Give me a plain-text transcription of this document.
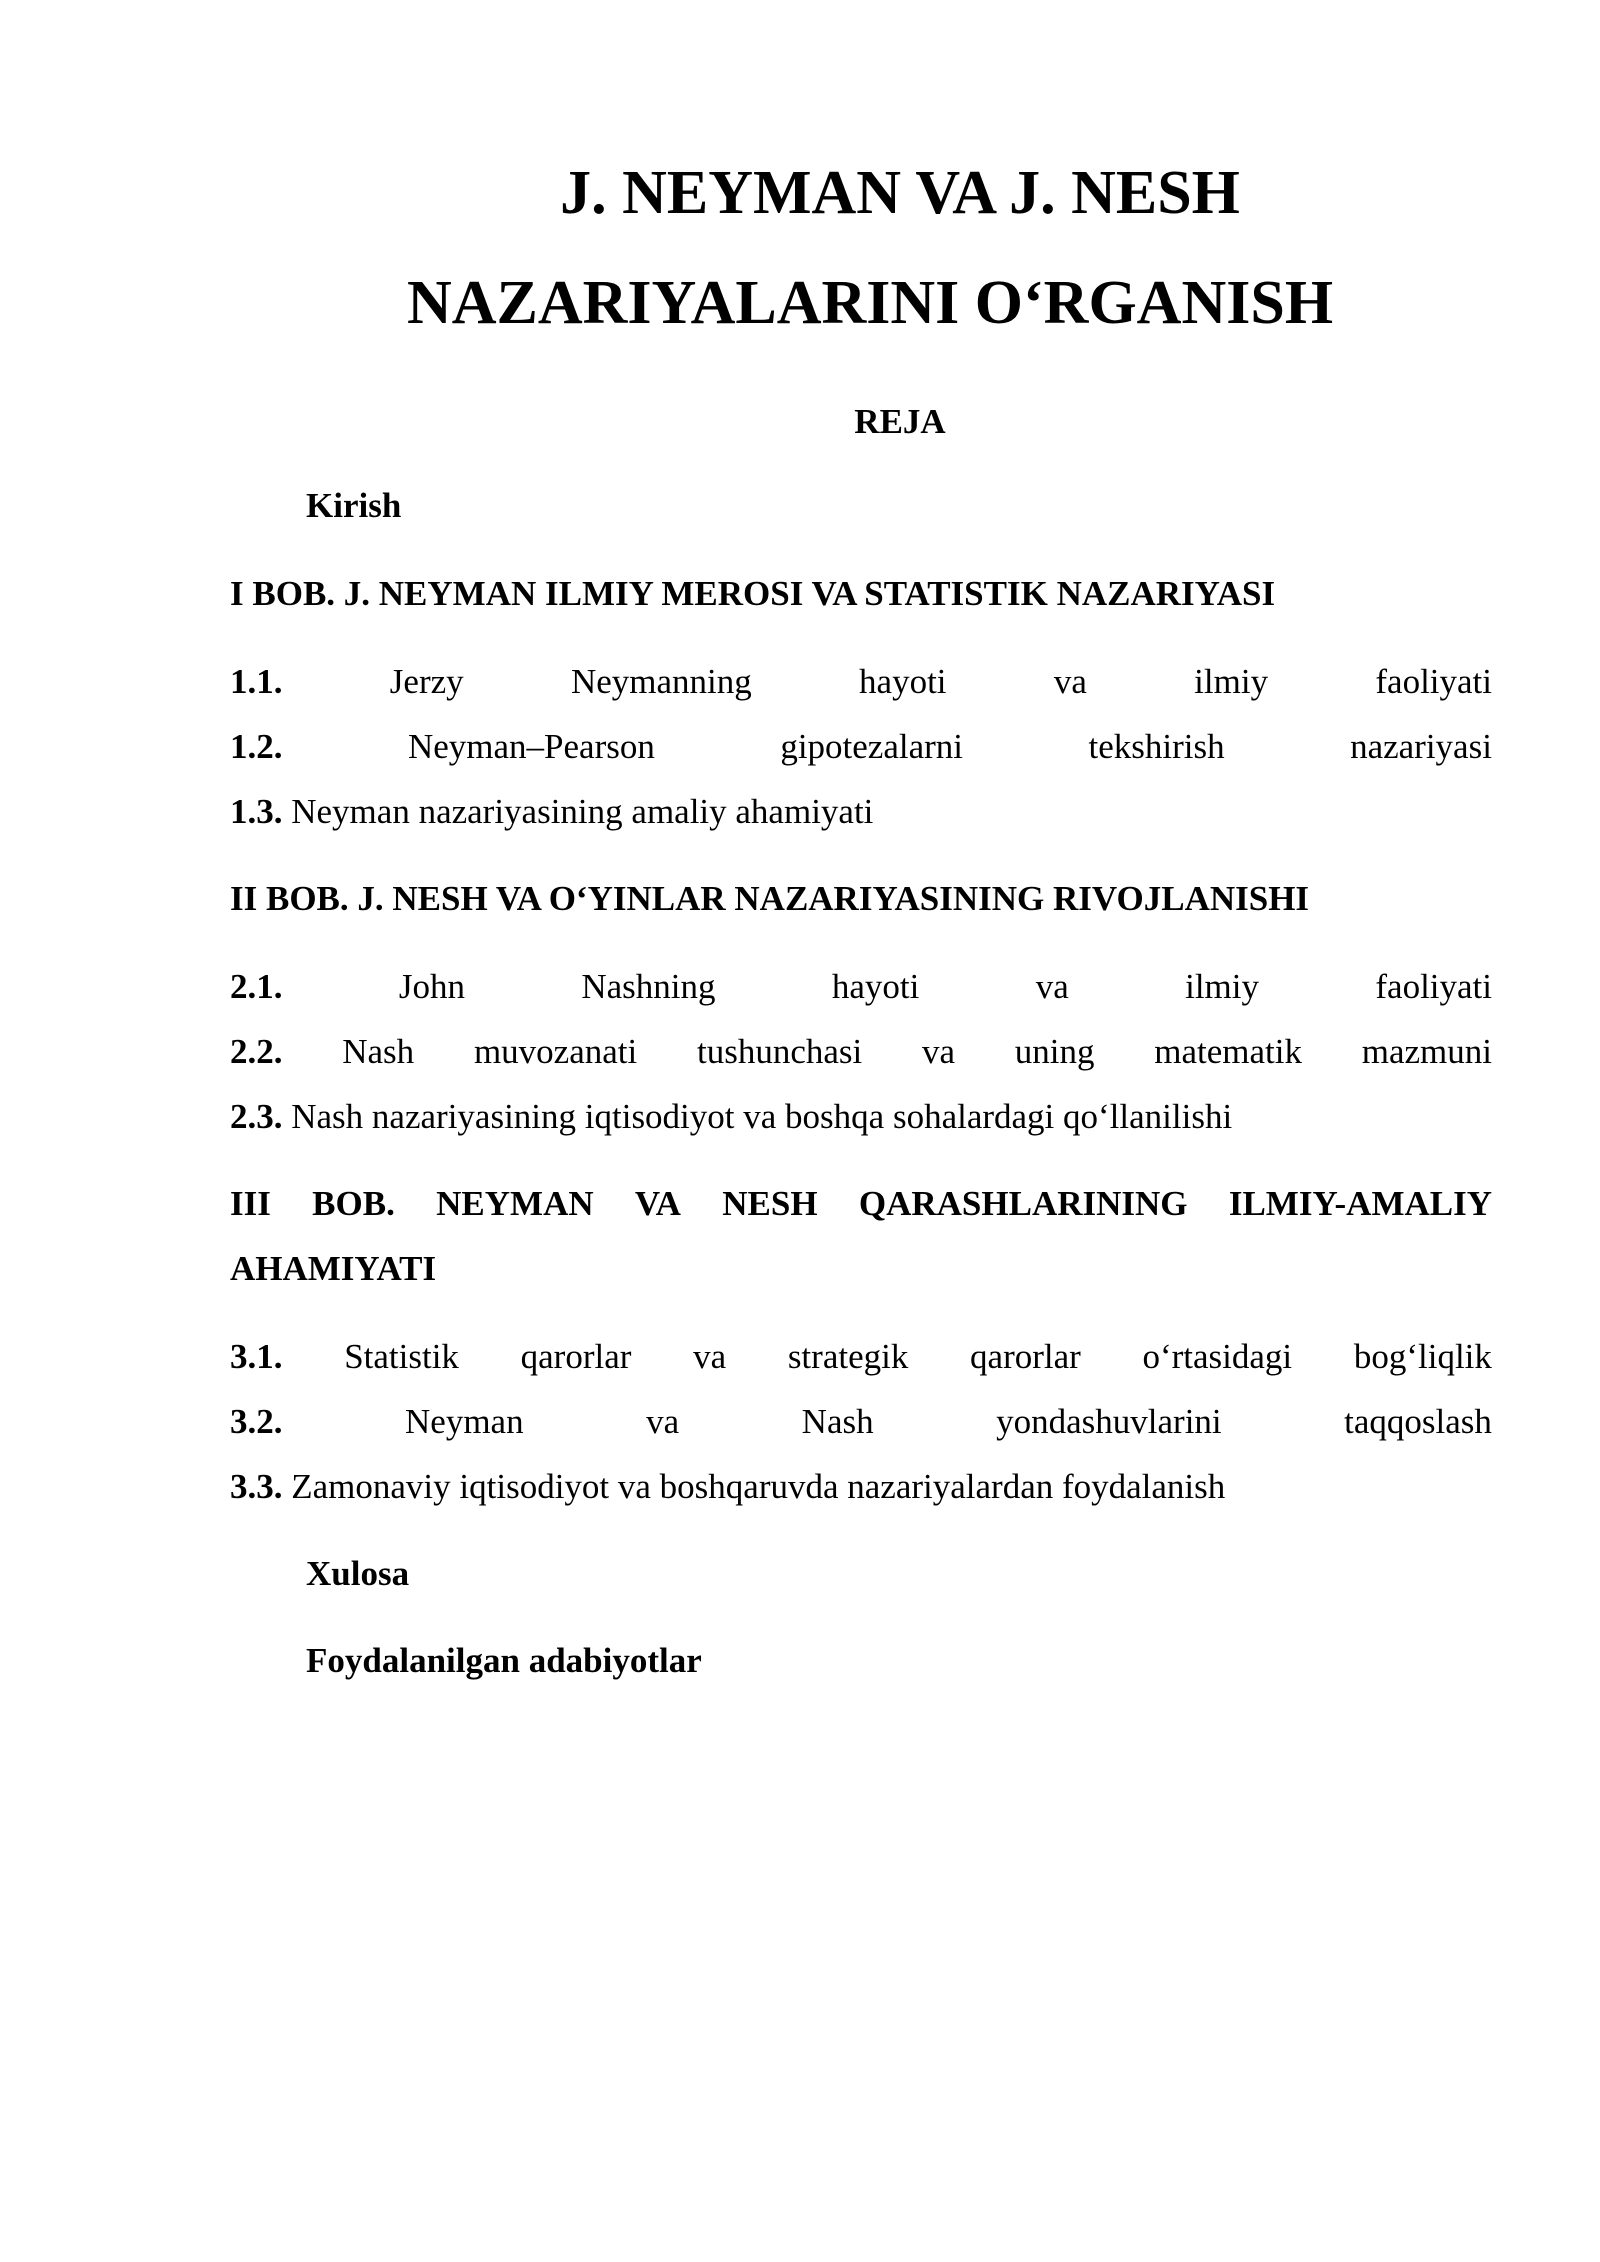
J. NEYMAN VA J. NESH
NAZARIYALARINI O‘RGANISH
REJA
Kirish
I BOB. J. NEYMAN ILMIY MEROSI VA STATISTIK NAZARIYASI
1.1.	Jerzy	Neymanning	hayoti	va	ilmiy	faoliyati
1.2.	Neyman–Pearson	gipotezalarni	tekshirish	nazariyasi
1.3. Neyman nazariyasining amaliy ahamiyati
II BOB. J. NESH VA O‘YINLAR NAZARIYASINING RIVOJLANISHI
2.1.	John	Nashning	hayoti	va	ilmiy	faoliyati
2.2. Nash muvozanati tushunchasi va uning matematik mazmuni
2.3. Nash nazariyasining iqtisodiyot va boshqa sohalardagi qo‘llanilishi
III BOB. NEYMAN VA NESH QARASHLARINING ILMIY-AMALIY
AHAMIYATI
3.1. Statistik qarorlar va strategik qarorlar o‘rtasidagi bog‘liqlik
3.2.	Neyman	va	Nash	yondashuvlarini	taqqoslash
3.3. Zamonaviy iqtisodiyot va boshqaruvda nazariyalardan foydalanish
Xulosa
Foydalanilgan adabiyotlar
